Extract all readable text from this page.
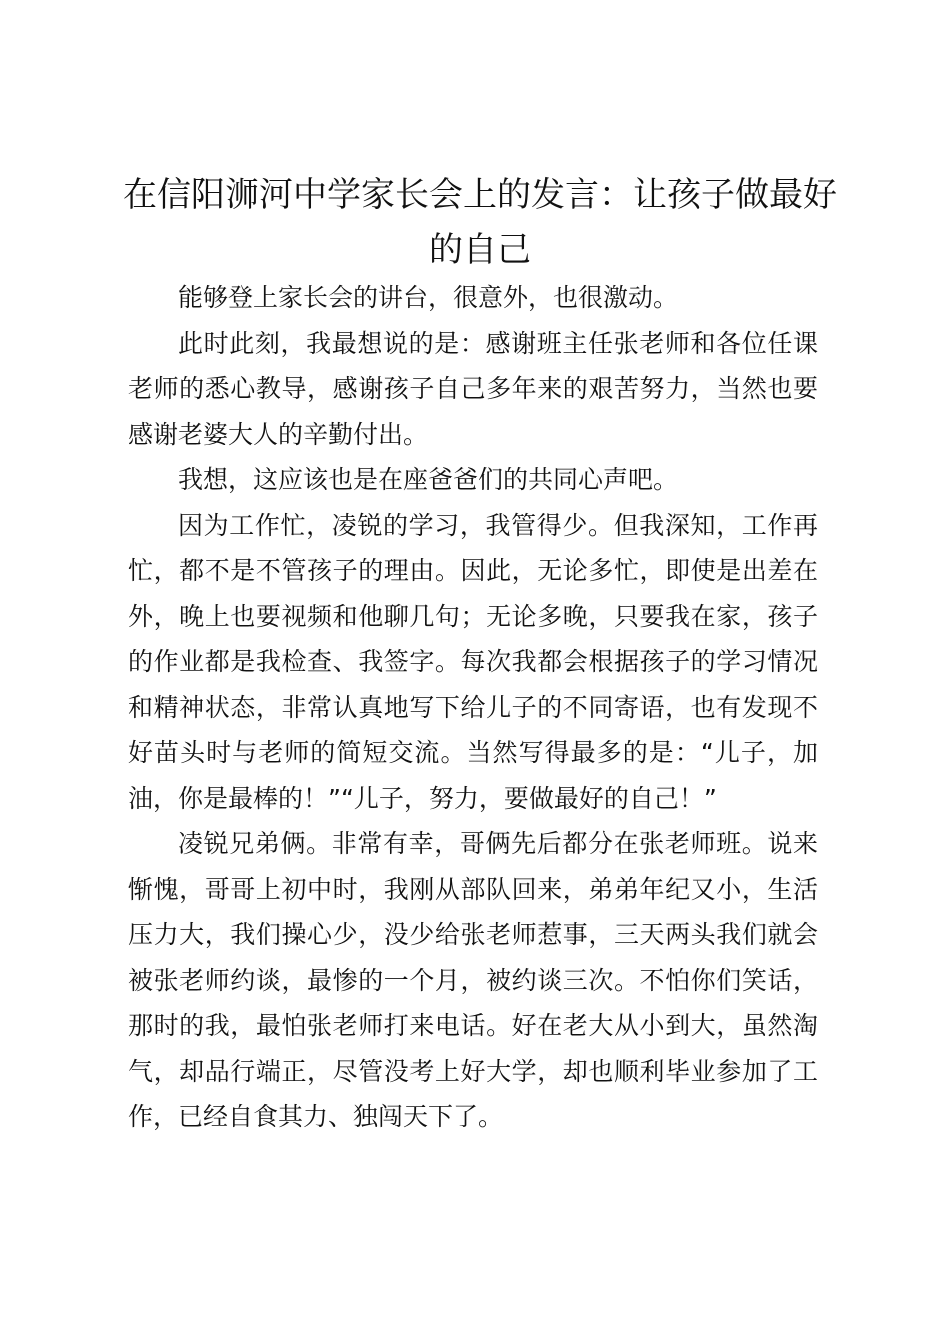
在信阳浉河中学家长会上的发言：让孩子做最好的自己

能够登上家长会的讲台，很意外，也很激动。

此时此刻，我最想说的是：感谢班主任张老师和各位任课老师的悉心教导，感谢孩子自己多年来的艰苦努力，当然也要感谢老婆大人的辛勤付出。

我想，这应该也是在座爸爸们的共同心声吧。

因为工作忙，凌锐的学习，我管得少。但我深知，工作再忙，都不是不管孩子的理由。因此，无论多忙，即使是出差在外，晚上也要视频和他聊几句；无论多晚，只要我在家，孩子的作业都是我检查、我签字。每次我都会根据孩子的学习情况和精神状态，非常认真地写下给儿子的不同寄语，也有发现不好苗头时与老师的简短交流。当然写得最多的是：“儿子，加油，你是最棒的！”“儿子，努力，要做最好的自己！”

凌锐兄弟俩。非常有幸，哥俩先后都分在张老师班。说来惭愧，哥哥上初中时，我刚从部队回来，弟弟年纪又小，生活压力大，我们操心少，没少给张老师惹事，三天两头我们就会被张老师约谈，最惨的一个月，被约谈三次。不怕你们笑话，那时的我，最怕张老师打来电话。好在老大从小到大，虽然淘气，却品行端正，尽管没考上好大学，却也顺利毕业参加了工作，已经自食其力、独闯天下了。
